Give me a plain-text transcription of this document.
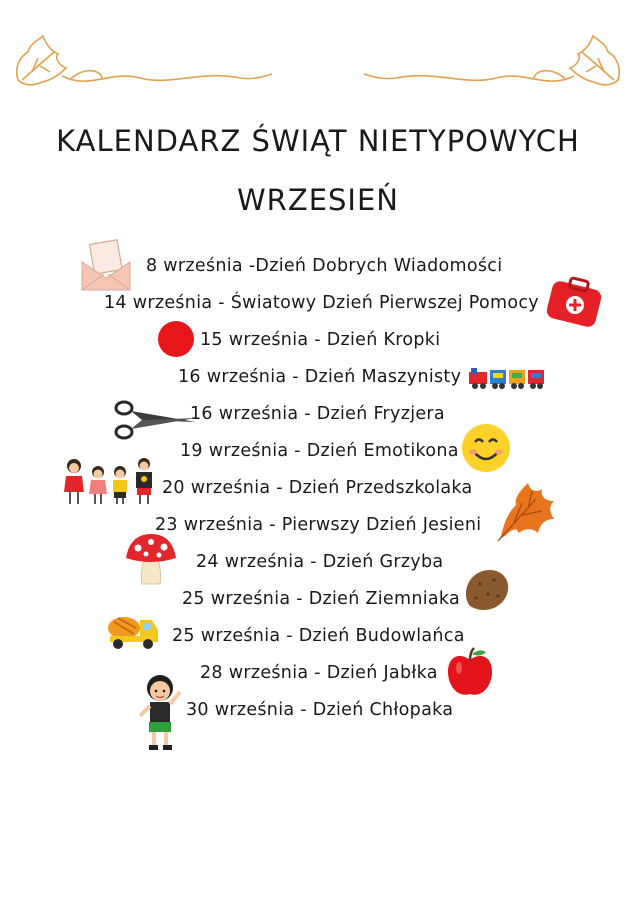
KALENDARZ ŚWIĄT NIETYPOWYCH
WRZESIEŃ
8 września -Dzień Dobrych Wiadomości
14 września - Światowy Dzień Pierwszej Pomocy
15 września - Dzień Kropki
16 września - Dzień Maszynisty
16 września - Dzień Fryzjera
19 września - Dzień Emotikona
20 września - Dzień Przedszkolaka
23 września - Pierwszy Dzień Jesieni
24 września - Dzień Grzyba
25 września - Dzień Ziemniaka
25 września - Dzień Budowlańca
28 września - Dzień Jabłka
30 września - Dzień Chłopaka
